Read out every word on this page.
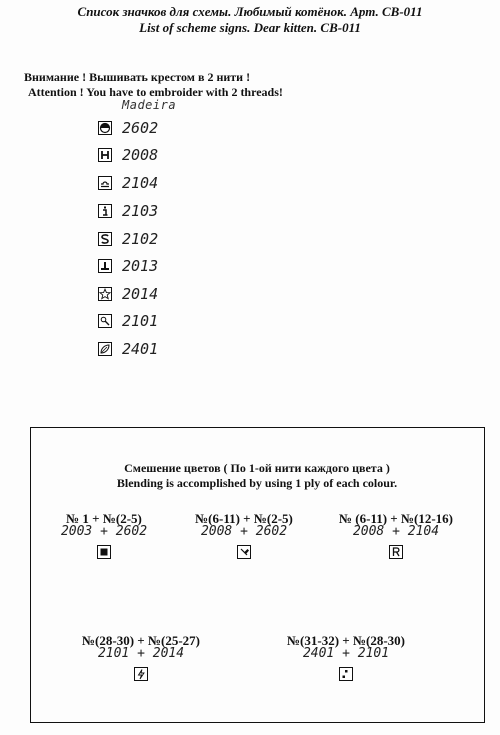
Список значков для схемы. Любимый котёнок. Арт. СВ-011
List of scheme signs. Dear kitten. CB-011
Внимание ! Вышивать крестом в 2 нити !
Attention ! You have to embroider with 2 threads!
Madeira
2602
2008
2104
2103
2102
2013
2014
2101
2401
Смешение цветов ( По 1-ой нити каждого цвета )
Blending is accomplished by using 1 ply of each colour.
№ 1 + №(2-5)
2003 + 2602
№(6-11) + №(2-5)
2008 + 2602
№ (6-11) + №(12-16)
2008 + 2104
№(28-30) + №(25-27)
2101 + 2014
№(31-32) + №(28-30)
2401 + 2101
